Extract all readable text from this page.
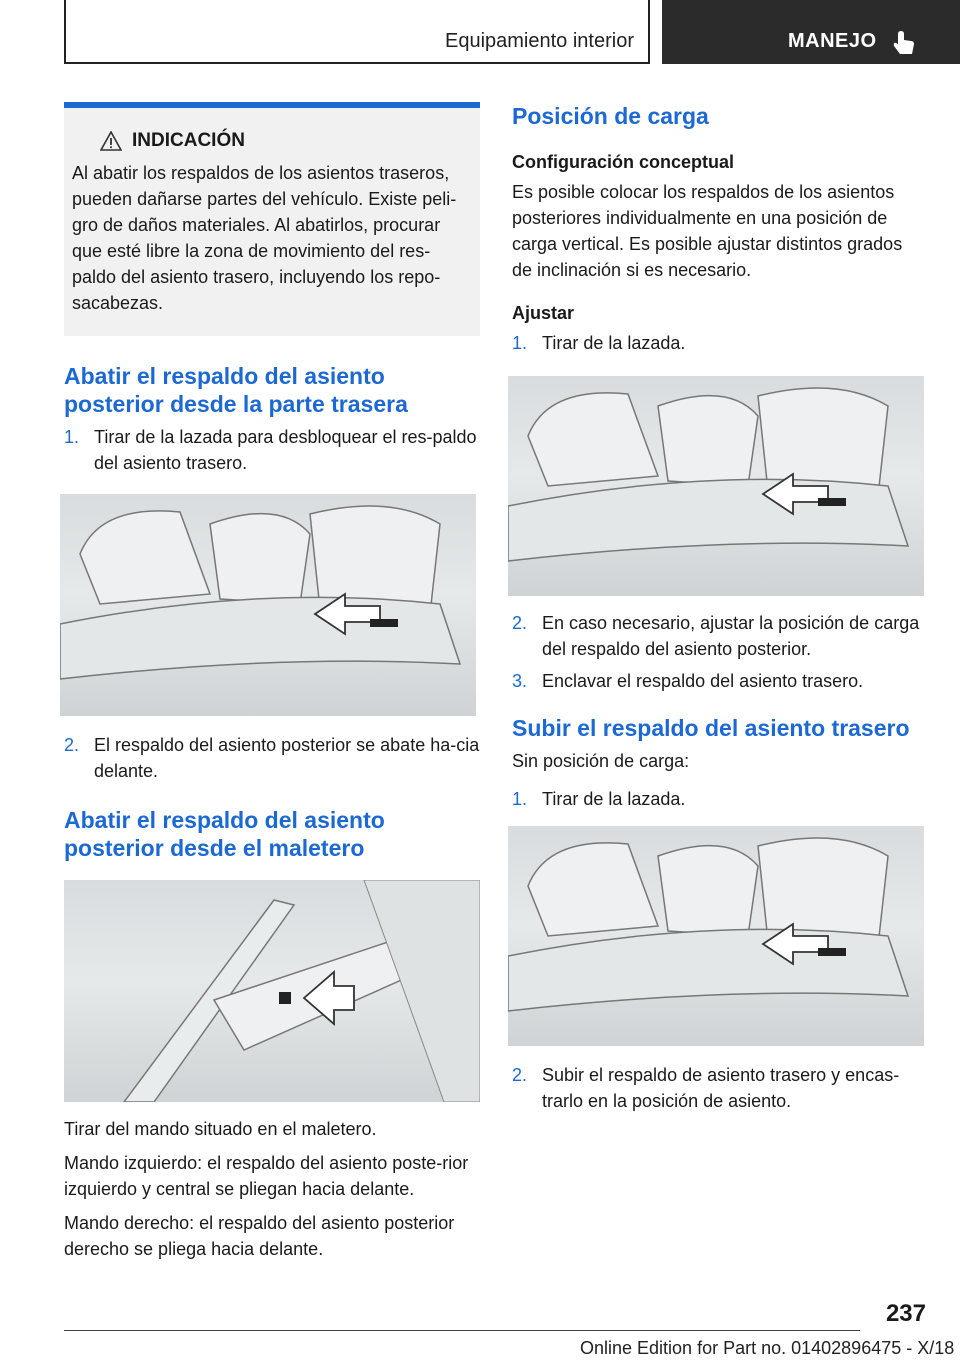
Equipamiento interior	MANEJO
INDICACIÓN

Al abatir los respaldos de los asientos traseros, pueden dañarse partes del vehículo. Existe peli-gro de daños materiales. Al abatirlos, procurar que esté libre la zona de movimiento del res-paldo del asiento trasero, incluyendo los repo-sacabezas.

Abatir el respaldo del asiento posterior desde la parte trasera
1. Tirar de la lazada para desbloquear el res-paldo del asiento trasero.
2. El respaldo del asiento posterior se abate ha-cia delante.
Abatir el respaldo del asiento posterior desde el maletero

Tirar del mando situado en el maletero.

Mando izquierdo: el respaldo del asiento poste-rior izquierdo y central se pliegan hacia delante.

Mando derecho: el respaldo del asiento posterior derecho se pliega hacia delante.

Posición de carga
Configuración conceptual

Es posible colocar los respaldos de los asientos posteriores individualmente en una posición de carga vertical. Es posible ajustar distintos grados de inclinación si es necesario.

Ajustar
1. Tirar de la lazada.
2. En caso necesario, ajustar la posición de carga del respaldo del asiento posterior.
3. Enclavar el respaldo del asiento trasero.
Subir el respaldo del asiento trasero

Sin posición de carga:

1. Tirar de la lazada.
2. Subir el respaldo de asiento trasero y encas-trarlo en la posición de asiento.
237
Online Edition for Part no. 01402896475 - X/18
